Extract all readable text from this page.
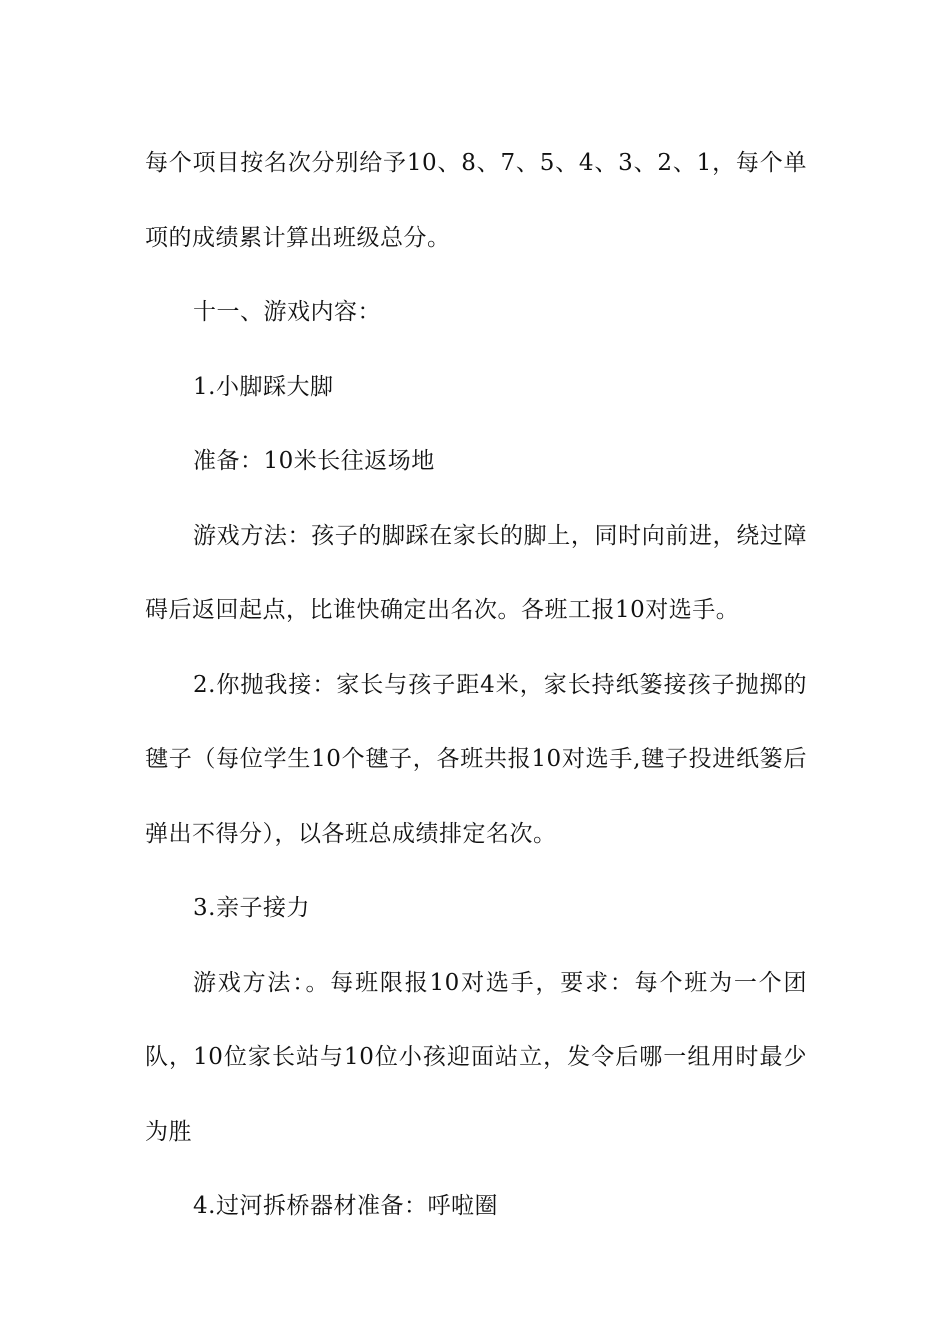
每个项目按名次分别给予10、8、7、5、4、3、2、1，每个单项的成绩累计算出班级总分。

十一、游戏内容：

1.小脚踩大脚

准备：10米长往返场地

游戏方法：孩子的脚踩在家长的脚上，同时向前进，绕过障碍后返回起点，比谁快确定出名次。各班工报10对选手。

2.你抛我接：家长与孩子距4米，家长持纸篓接孩子抛掷的毽子（每位学生10个毽子，各班共报10对选手,毽子投进纸篓后弹出不得分），以各班总成绩排定名次。

3.亲子接力

游戏方法：。每班限报10对选手，要求：每个班为一个团队，10位家长站与10位小孩迎面站立，发令后哪一组用时最少为胜

4.过河拆桥器材准备：呼啦圈
